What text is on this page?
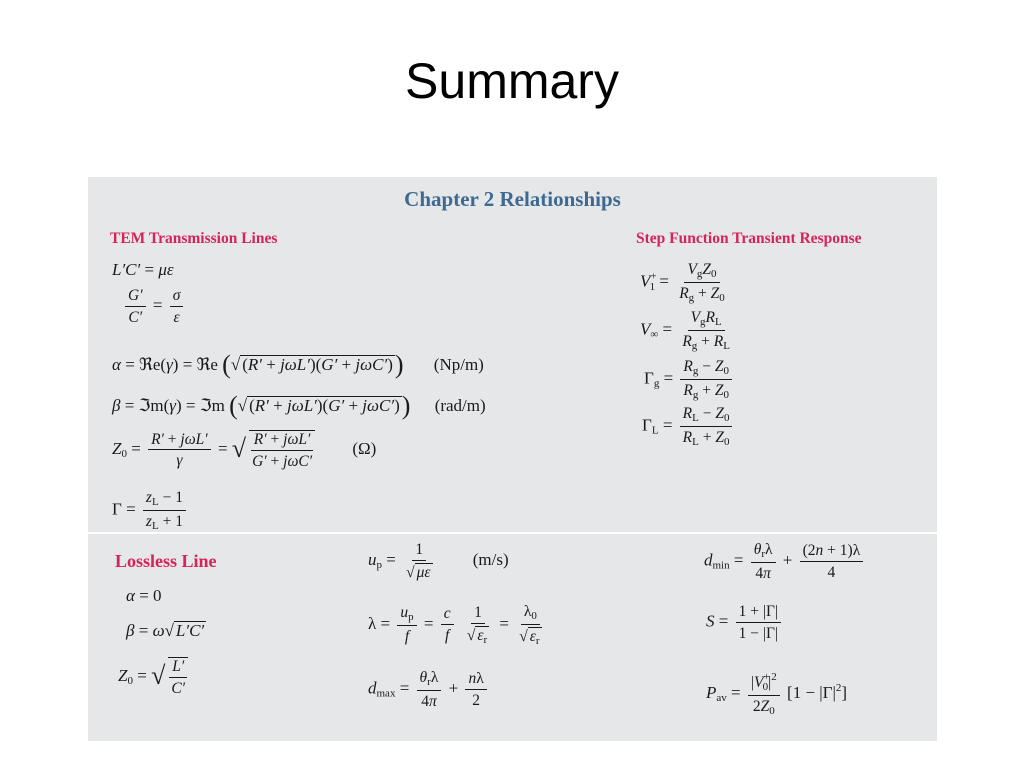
Summary
Chapter 2 Relationships
TEM Transmission Lines	Step Function Transient Response
L′C′ = με
$\frac{G'}{C'} = \frac{\sigma}{\varepsilon}$
α = ℜe(γ) = ℜe (√ (R′ + jωL′)(G′ + jωC′)) (Np/m)
β = ℑm(γ) = ℑm (√ (R′ + jωL′)(G′ + jωC′)) (rad/m)
$Z_0 = \frac{\text{R′ + jωL′}}{\gamma}$ = √ $\frac{\text{R′ + jωL′}}{\text{G′ + jωC′}} (\Omega)$
$\Gamma = \frac{z_L - 1}{z_L + 1}$
$V^+_1 = \frac{V_gZ_0}{R_g + Z_0}$
$V_\infty = \frac{V_gR_L}{R_g + R_L}$
$\Gamma_g = \frac{R_g - Z_0}{R_g + Z_0}$
$\Gamma_L = \frac{R_L - Z_0}{R_L + Z_0}$
Lossless Line
α = 0
β = ω√ L′C′
$Z_0$ = √ $\frac{L'}{C'}$
$u_p = \frac{1}{√ \mu\varepsilon} (m/s)$
$\lambda = \frac{u_p}{f} = \frac{c}{f}$
$\frac{1}{√ \varepsilon_r} = \frac{\lambda_0}{√ \varepsilon_r}$
$d_{max} = \frac{\theta_r\lambda}{4\pi} + \frac{n\lambda}{2}$
$d_{min} = \frac{\theta_r\lambda}{4\pi} + \frac{(2n + 1)\lambda}{4}$
$S = \frac{1 + |\Gamma|}{1 - |\Gamma|}$
$P_{av} = \frac{|V^+_0|^2}{2Z_0} [1 - |\Gamma|^2]$
